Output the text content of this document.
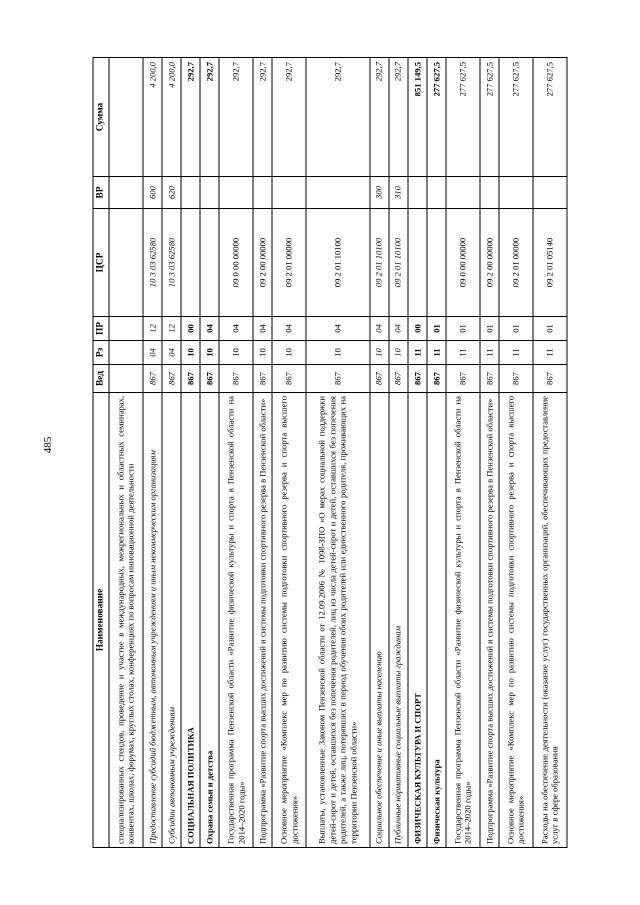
485
Наименование	Вед	Рз	ПР	ЦСР	ВР	Сумма
специализированных стендов, проведение и участие в международных, межрегиональных и областных семинарах, конвентах, школах, форумах, круглых столах, конференциях по вопросам инновационной деятельности						
Предоставление субсидий бюджетным, автономным учреждениям и иным некоммерческим организациям	867	04	12	10 3 03 62580	600	4 200,0
Субсидии автономным учреждениям	867	04	12	10 3 03 62580	620	4 200,0
СОЦИАЛЬНАЯ ПОЛИТИКА	867	10	00			292,7
Охрана семьи и детства	867	10	04			292,7
Государственная программа Пензенской области «Развитие физической культуры и спорта в Пензенской области на 2014–2020 годы»	867	10	04	09 0 00 00000		292,7
Подпрограмма «Развитие спорта высших достижений и системы подготовки спортивного резерва в Пензенской области»	867	10	04	09 2 00 00000		292,7
Основное мероприятие «Комплекс мер по развитию системы подготовки спортивного резерва и спорта высшего достижения»	867	10	04	09 2 01 00000		292,7
Выплаты, установленные Законом Пензенской области от 12.09.2006 № 1098-ЗПО «О мерах социальной поддержки детей-сирот и детей, оставшихся без попечения родителей, лиц из числа детей-сирот и детей, оставшихся без попечения родителей, а также лиц, потерявших в период обучения обоих родителей или единственного родителя, проживающих на территории Пензенской области»	867	10	04	09 2 01 10100		292,7
Социальное обеспечение и иные выплаты населению	867	10	04	09 2 01 10100	300	292,7
Публичные нормативные социальные выплаты гражданам	867	10	04	09 2 01 10100	310	292,7
ФИЗИЧЕСКАЯ КУЛЬТУРА И СПОРТ	867	11	00			851 149,5
Физическая культура	867	11	01			277 627,5
Государственная программа Пензенской области «Развитие физической культуры и спорта в Пензенской области на 2014–2020 годы»	867	11	01	09 0 00 00000		277 627,5
Подпрограмма «Развитие спорта высших достижений и системы подготовки спортивного резерва в Пензенской области»	867	11	01	09 2 00 00000		277 627,5
Основное мероприятие «Комплекс мер по развитию системы подготовки спортивного резерва и спорта высшего достижения»	867	11	01	09 2 01 00000		277 627,5
Расходы на обеспечение деятельности (оказание услуг) государственных организаций, обеспечивающих предоставление услуг в сфере образования	867	11	01	09 2 01 05140		277 627,5
